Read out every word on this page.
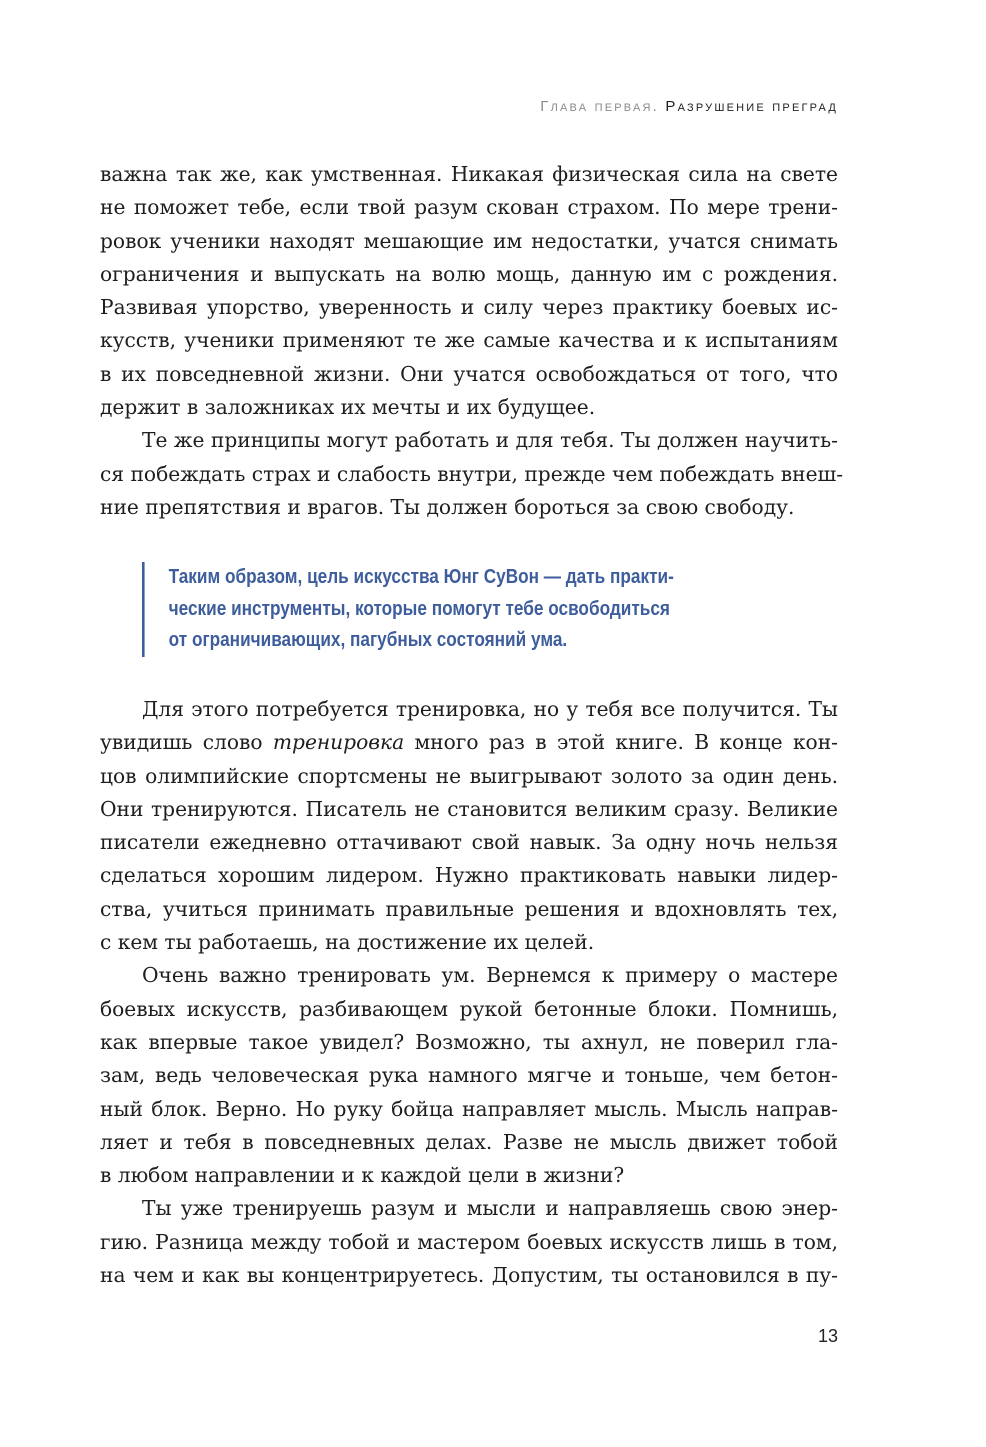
Глава первая. Разрушение преград
важна так же, как умственная. Никакая физическая сила на свете
не поможет тебе, если твой разум скован страхом. По мере трени-
ровок ученики находят мешающие им недостатки, учатся снимать
ограничения и выпускать на волю мощь, данную им с рождения.
Развивая упорство, уверенность и силу через практику боевых ис-
кусств, ученики применяют те же самые качества и к испытаниям
в их повседневной жизни. Они учатся освобождаться от того, что
держит в заложниках их мечты и их будущее.
Те же принципы могут работать и для тебя. Ты должен научить-
ся побеждать страх и слабость внутри, прежде чем побеждать внеш-
ние препятствия и врагов. Ты должен бороться за свою свободу.
Таким образом, цель искусства Юнг СуВон — дать практи-
ческие инструменты, которые помогут тебе освободиться
от ограничивающих, пагубных состояний ума.
Для этого потребуется тренировка, но у тебя все получится. Ты
увидишь слово тренировка много раз в этой книге. В конце кон-
цов олимпийские спортсмены не выигрывают золото за один день.
Они тренируются. Писатель не становится великим сразу. Великие
писатели ежедневно оттачивают свой навык. За одну ночь нельзя
сделаться хорошим лидером. Нужно практиковать навыки лидер-
ства, учиться принимать правильные решения и вдохновлять тех,
с кем ты работаешь, на достижение их целей.
Очень важно тренировать ум. Вернемся к примеру о мастере
боевых искусств, разбивающем рукой бетонные блоки. Помнишь,
как впервые такое увидел? Возможно, ты ахнул, не поверил гла-
зам, ведь человеческая рука намного мягче и тоньше, чем бетон-
ный блок. Верно. Но руку бойца направляет мысль. Мысль направ-
ляет и тебя в повседневных делах. Разве не мысль движет тобой
в любом направлении и к каждой цели в жизни?
Ты уже тренируешь разум и мысли и направляешь свою энер-
гию. Разница между тобой и мастером боевых искусств лишь в том,
на чем и как вы концентрируетесь. Допустим, ты остановился в пу-
13
